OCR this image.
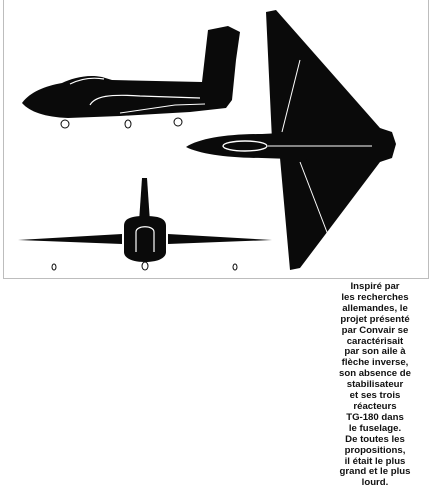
Inspiré par
les recherches
allemandes, le
projet présenté
par Convair se
caractérisait
par son aile à
flèche inverse,
son absence de
stabilisateur
et ses trois
réacteurs
TG-180 dans
le fuselage.
De toutes les
propositions,
il était le plus
grand et le plus
lourd.
